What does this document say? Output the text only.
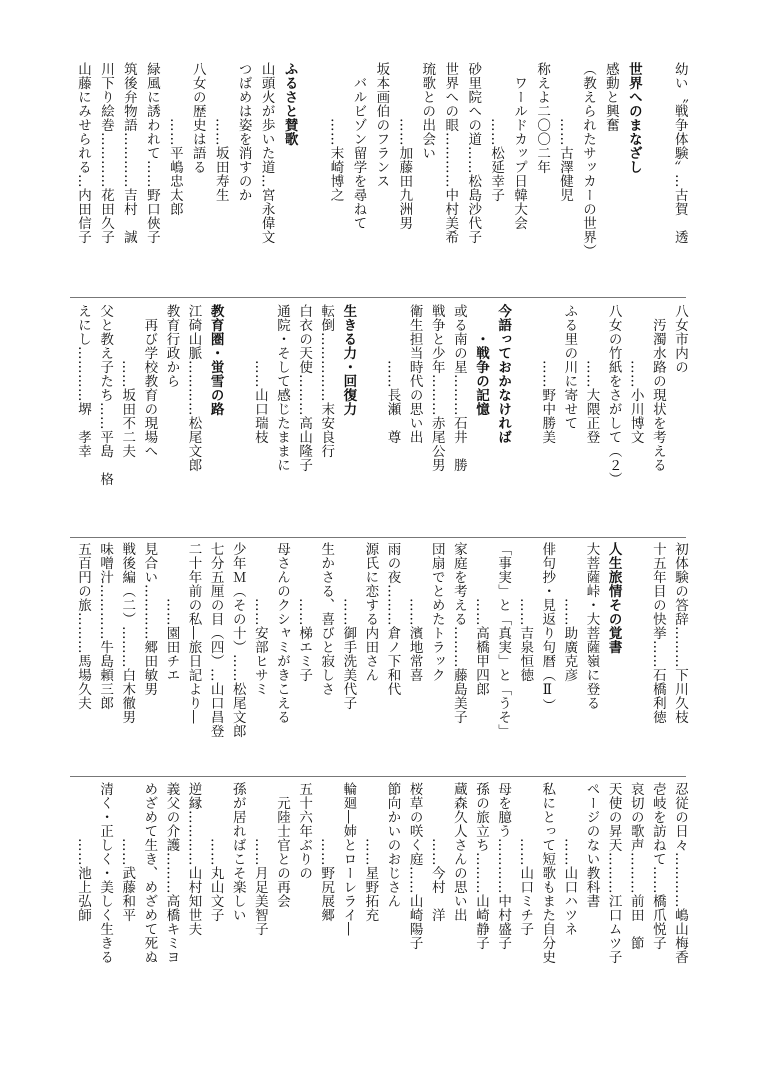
幼い〝戦争体験〟…古賀　透
世界へのまなざし
感動と興奮
（教えられたサッカーの世界）
　　　　……古澤健児
称えよ二〇〇二年
　ワールドカップ日韓大会
　　　　……松延幸子
砂里院への道……松島沙代子
世界への眼…………中村美希
琉歌との出会い
　　　　……加藤田九洲男
坂本画伯のフランス
　バルビゾン留学を尋ねて
　　　　……末崎博之
ふるさと賛歌
山頭火が歩いた道…宮永偉文
つばめは姿を消すのか
　　　　……坂田寿生
八女の歴史は語る
　　　　……平嶋忠太郎
緑風に誘われて……野口俠子
筑後弁物語…………吉村　誠
川下り絵巻…………花田久子
山藤にみせられる…内田信子
八女市内の
　汚濁水路の現状を考える
　　　　……小川博文
八女の竹紙をさがして（２）
　　　　……大隈正登
ふる里の川に寄せて
　　　　……野中勝美
今語っておかなければ
　　・戦争の記憶
或る南の星………石井　勝
戦争と少年………赤尾公男
衛生担当時代の思い出
　　　　……長瀬　尊
生きる力・回復力
転倒……………末安良行
白衣の天使………高山隆子
通院・そして感じたままに
　　　　……山口瑞枝
教育圏・蛍雪の路
江碕山脈…………松尾文郎
教育行政から
　再び学校教育の現場へ
　　　　……坂田不二夫
父と教え子たち……平島　格
えにし…………堺　孝幸
初体験の答辞………下川久枝
十五年目の快挙……石橋利徳
人生旅情その覚書
大菩薩峠・大菩薩嶺に登る
　　　　……助廣克彦
俳句抄・見返り句暦（Ⅱ）
　　　　……吉泉恒徳
「事実」と「真実」と「うそ」
　　　　……高橋甲四郎
家庭を考える………藤島美子
団扇でとめたトラック
　　　　……濱地常喜
雨の夜………倉ノ下和代
源氏に恋する内田さん
　　　　……御手洗美代子
生かさる、喜びと寂しさ
　　　　……梯エミ子
母さんのクシャミがきこえる
　　　　……安部ヒサミ
少年Ｍ（その十）……松尾文郎
七分五厘の目（四）…山口昌登
二十年前の私―旅日記より―
　　　　……園田チエ
見合い…………郷田敏男
戦後編（二）………白木徹男
味噌汁…………牛島頼三郎
五百円の旅………馬場久夫
忍従の日々…………嶋山梅香
壱岐を訪ねて……橋爪悦子
哀切の歌声………前田　節
天使の昇天………江口ムツ子
ページのない教科書
　　　　……山口ハツネ
私にとって短歌もまた自分史
　　　　……山口ミチ子
母を臆う…………中村盛子
孫の旅立ち………山崎静子
蔵森久人さんの思い出
　　　　……今村　洋
桜草の咲く庭……山崎陽子
節向かいのおじさん
　　　　……星野拓充
輪廻―姉とローレライ―
　　　　……野尻展郷
五十六年ぶりの
　元陸士官との再会
　　　　……月足美智子
孫が居ればこそ楽しい
　　　　……丸山文子
逆縁…………山村知世夫
義父の介護………高橋キミヨ
めざめて生き、めざめて死ぬ
　　　　……武藤和平
清く・正しく・美しく生きる
　　　　……池上弘師
